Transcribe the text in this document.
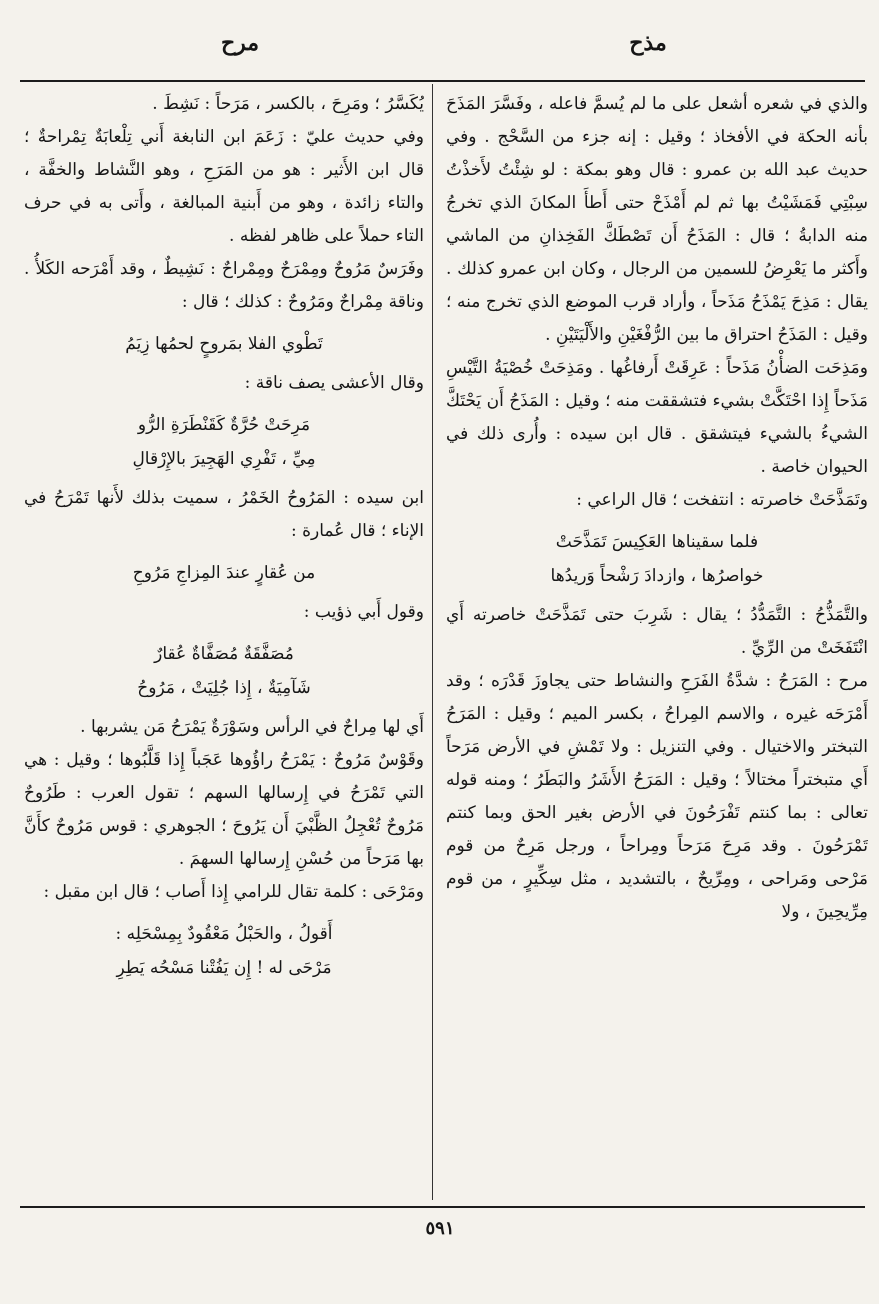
مذح
مرح

والذي في شعره أشعل على ما لم يُسمَّ فاعله ، وفَسَّرَ المَذَحَ بأنه الحكة في الأفخاذ ؛ وقيل : إنه جزء من السَّحْج . وفي حديث عبد الله بن عمرو : قال وهو بمكة : لو شِئْتُ لأَخذْتُ سِبْتِي فَمَشَيْتُ بها ثم لم أَمْذَحْ حتى أَطأَ المكانَ الذي تخرجُ منه الدابةُ ؛ قال : المَذَحُ أَن تَصْطَكَّ الفَخِذانِ من الماشي وأَكثر ما يَعْرِضُ للسمين من الرجال ، وكان ابن عمرو كذلك . يقال : مَذِحَ يَمْذَحُ مَذَحاً ، وأراد قرب الموضع الذي تخرج منه ؛ وقيل : المَذَحُ احتراق ما بين الرُّفْغَيْنِ والأَلْيَتَيْنِ .

ومَذِحَت الضأْنُ مَذَحاً : عَرِقَتْ أَرفاغُها . ومَذِحَتْ خُصْيَةُ التَّيْسِ مَذَحاً إِذا احْتَكَّتْ بشيء فتشققت منه ؛ وقيل : المَذَحُ أَن يَحْتَكَّ الشيءُ بالشيء فيتشقق . قال ابن سيده : وأُرى ذلك في الحيوان خاصة .

وتَمَذَّحَتْ خاصرته : انتفخت ؛ قال الراعي :

فلما سقيناها العَكِيسَ تَمَذَّحَتْ
خواصرُها ، وازدادَ رَشْحاً وَريدُها

والتَّمَذُّحُ : التَّمَدُّدُ ؛ يقال : شَرِبَ حتى تَمَذَّحَتْ خاصرته أَي انْتَفَخَتْ من الرِّيِّ .

مرح : المَرَحُ : شدَّةُ الفَرَحِ والنشاط حتى يجاوزَ قَدْرَه ؛ وقد أَمْرَحَه غيره ، والاسم المِراحُ ، بكسر الميم ؛ وقيل : المَرَحُ التبختر والاختيال . وفي التنزيل : ولا تَمْشِ في الأرض مَرَحاً أَي متبختراً مختالاً ؛ وقيل : المَرَحُ الأَشَرُ والبَطَرُ ؛ ومنه قوله تعالى : بما كنتم تَفْرَحُونَ في الأرض بغير الحق وبما كنتم تَمْرَحُونَ . وقد مَرِحَ مَرَحاً ومِراحاً ، ورجل مَرِحٌ من قوم مَرْحى ومَراحى ، ومِرِّيحٌ ، بالتشديد ، مثل سِكِّيرٍ ، من قوم مِرِّيحِينَ ، ولا

يُكَسَّرُ ؛ ومَرِحَ ، بالكسر ، مَرَحاً : نَشِطَ .

وفي حديث عليّ : زَعَمَ ابن النابغة أَني تِلْعابَةٌ تِمْراحةٌ ؛ قال ابن الأَثير : هو من المَرَحِ ، وهو النَّشاط والخفَّة ، والتاء زائدة ، وهو من أَبنية المبالغة ، وأَتى به في حرف التاء حملاً على ظاهر لفظه .

وفَرَسٌ مَرُوحٌ ومِمْرَحٌ ومِمْراحٌ : نَشِيطٌ ، وقد أَمْرَحه الكَلأُ . وناقة مِمْراحٌ ومَرُوحٌ : كذلك ؛ قال :

تَطْوي الفلا بمَروحٍ لحمُها زِيَمُ

وقال الأعشى يصف ناقة :

مَرِحَتْ حُرَّةٌ كَقَنْطَرَةِ الرُّو
مِيِّ ، تَفْرِي الهَجِيرَ بالإِرْقالِ

ابن سيده : المَرُوحُ الخَمْرُ ، سميت بذلك لأَنها تَمْرَحُ في الإناء ؛ قال عُمارة :

من عُقارٍ عندَ المِزاجِ مَرُوحِ

وقول أَبي ذؤيب :

مُصَفَّقَةٌ مُصَفَّاةٌ عُقارٌ
شَآمِيَةٌ ، إِذا جُلِيَتْ ، مَرُوحُ

أَي لها مِراحٌ في الرأس وسَوْرَةٌ يَمْرَحُ مَن يشربها .

وقَوْسٌ مَرُوحٌ : يَمْرَحُ راؤُوها عَجَباً إِذا قَلَّبُوها ؛ وقيل : هي التي تَمْرَحُ في إِرسالها السهم ؛ تقول العرب : طَرُوحٌ مَرُوحٌ تُعْجِلُ الظَّبْيَ أَن يَرُوحَ ؛ الجوهري : قوس مَرُوحٌ كأَنَّ بها مَرَحاً من حُسْنِ إِرسالها السهمَ .

ومَرْحَى : كلمة تقال للرامي إِذا أَصاب ؛ قال ابن مقبل :

أَقولُ ، والحَبْلُ مَعْقُودٌ بِمِسْحَلِه :
مَرْحَى له ! إِن يَفُتْنا مَسْحُه يَطِرِ
٥٩١
